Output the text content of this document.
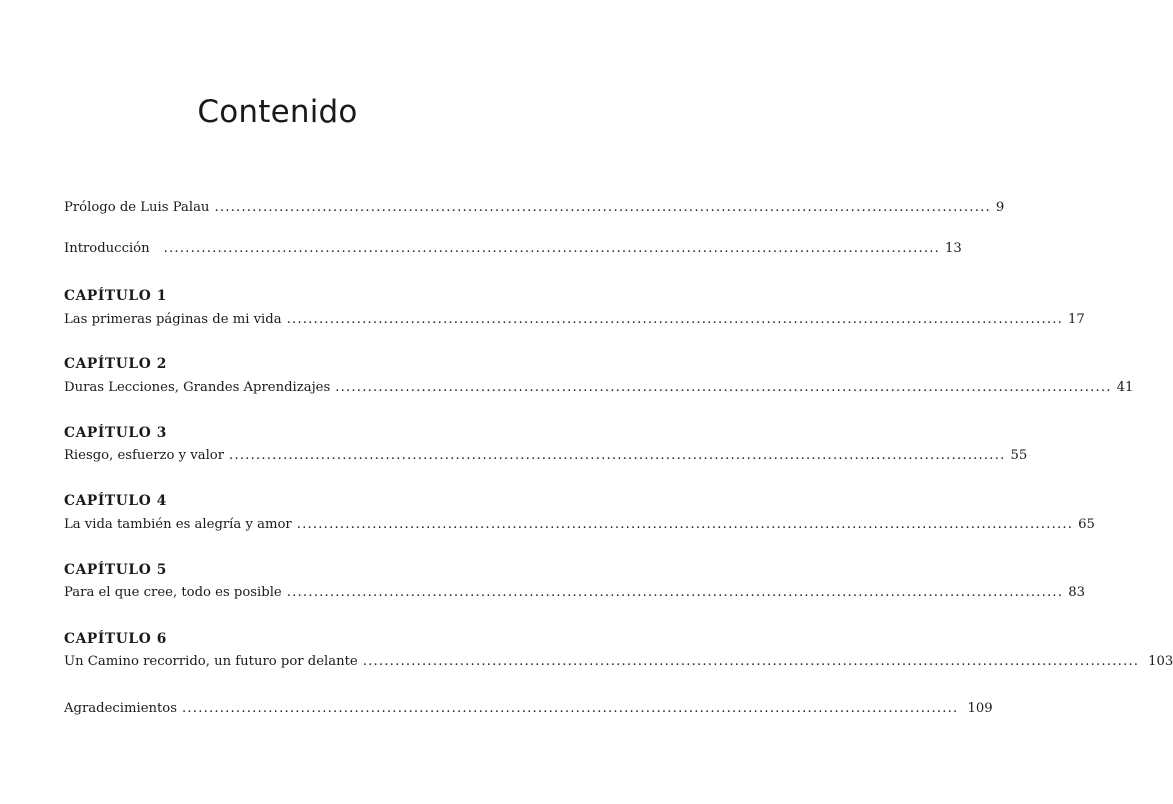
Contenido
Prólogo de Luis Palau ................................................................................................................................................ 9
Introducción ................................................................................................................................................ 13
CAPÍTULO 1
Las primeras páginas de mi vida ................................................................................................................................................ 17
CAPÍTULO 2
Duras Lecciones, Grandes Aprendizajes ................................................................................................................................................ 41
CAPÍTULO 3
Riesgo, esfuerzo y valor ................................................................................................................................................ 55
CAPÍTULO 4
La vida también es alegría y amor ................................................................................................................................................ 65
CAPÍTULO 5
Para el que cree, todo es posible ................................................................................................................................................ 83
CAPÍTULO 6
Un Camino recorrido, un futuro por delante ................................................................................................................................................ 103
Agradecimientos ................................................................................................................................................ 109
